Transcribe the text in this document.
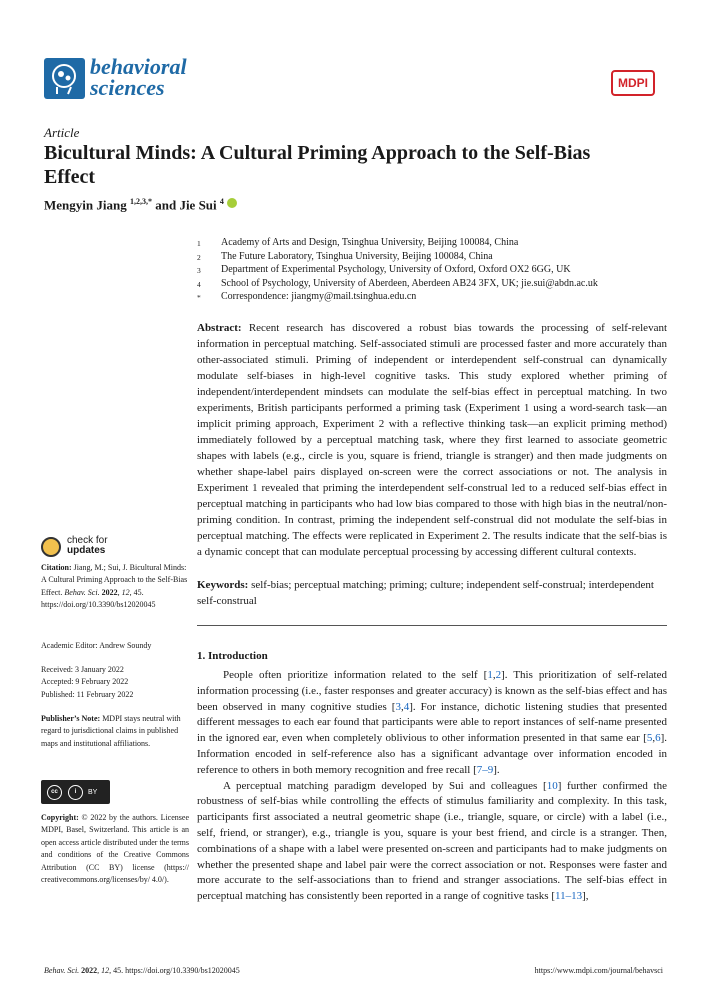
behavioral
sciences	MDPI
Article
Bicultural Minds: A Cultural Priming Approach to the Self-Bias Effect
Mengyin Jiang $^{1,2,3,*}$ and Jie Sui $^4$
1	Academy of Arts and Design, Tsinghua University, Beijing 100084, China
2	The Future Laboratory, Tsinghua University, Beijing 100084, China
3	Department of Experimental Psychology, University of Oxford, Oxford OX2 6GG, UK
4	School of Psychology, University of Aberdeen, Aberdeen AB24 3FX, UK; jie.sui@abdn.ac.uk
*	Correspondence: jiangmy@mail.tsinghua.edu.cn
Abstract: Recent research has discovered a robust bias towards the processing of self-relevant information in perceptual matching. Self-associated stimuli are processed faster and more accurately than other-associated stimuli. Priming of independent or interdependent self-construal can dynamically modulate self-biases in high-level cognitive tasks. This study explored whether priming of independent/interdependent mindsets can modulate the self-bias effect in perceptual matching. In two experiments, British participants performed a priming task (Experiment 1 using a word-search task—an implicit priming approach, Experiment 2 with a reflective thinking task—an explicit priming method) immediately followed by a perceptual matching task, where they first learned to associate geometric shapes with labels (e.g., circle is you, square is friend, triangle is stranger) and then made judgments on whether shape-label pairs displayed on-screen were the correct associations or not. The analysis in Experiment 1 revealed that priming the interdependent self-construal led to a reduced self-bias effect in perceptual matching in participants who had low bias compared to those with high bias in the neutral/non-priming condition. In contrast, priming the independent self-construal did not modulate the self-bias in perceptual matching. The effects were replicated in Experiment 2. The results indicate that the self-bias is a dynamic concept that can modulate perceptual processing by accessing different cultural contexts.
Keywords: self-bias; perceptual matching; priming; culture; independent self-construal; interdependent self-construal
1. Introduction

People often prioritize information related to the self [1,2]. This prioritization of self-related information processing (i.e., faster responses and greater accuracy) is known as the self-bias effect and has been observed in many cognitive studies [3,4]. For instance, dichotic listening studies that presented different messages to each ear found that participants were able to report instances of self-name presented in the ignored ear, even when completely oblivious to other information presented in that same ear [5,6]. Information encoded in self-reference also has a significant advantage over information encoded in reference to others in both memory recognition and free recall [7–9].

A perceptual matching paradigm developed by Sui and colleagues [10] further confirmed the robustness of self-bias while controlling the effects of stimulus familiarity and complexity. In this task, participants first associated a neutral geometric shape (i.e., triangle, square, or circle) with a label (i.e., self, friend, or stranger), e.g., triangle is you, square is your best friend, and circle is a stranger. Then, combinations of a shape with a label were presented on-screen and participants had to make judgments on whether the presented shape and label pair were the correct association or not. Responses were faster and more accurate to the self-associations than to friend and stranger associations. The self-bias effect in perceptual matching has consistently been reported in a range of cognitive tasks [11–13],

check for
updates
Citation: Jiang, M.; Sui, J. Bicultural Minds: A Cultural Priming Approach to the Self-Bias Effect. Behav. Sci. 2022, 12, 45. https://doi.org/10.3390/bs12020045
Academic Editor: Andrew Soundy
Received: 3 January 2022
Accepted: 9 February 2022
Published: 11 February 2022
Publisher’s Note: MDPI stays neutral with regard to jurisdictional claims in published maps and institutional affiliations.
cc	i	BY
Copyright: © 2022 by the authors. Licensee MDPI, Basel, Switzerland. This article is an open access article distributed under the terms and conditions of the Creative Commons Attribution (CC BY) license (https:// creativecommons.org/licenses/by/ 4.0/).
Behav. Sci. 2022, 12, 45. https://doi.org/10.3390/bs12020045	https://www.mdpi.com/journal/behavsci
